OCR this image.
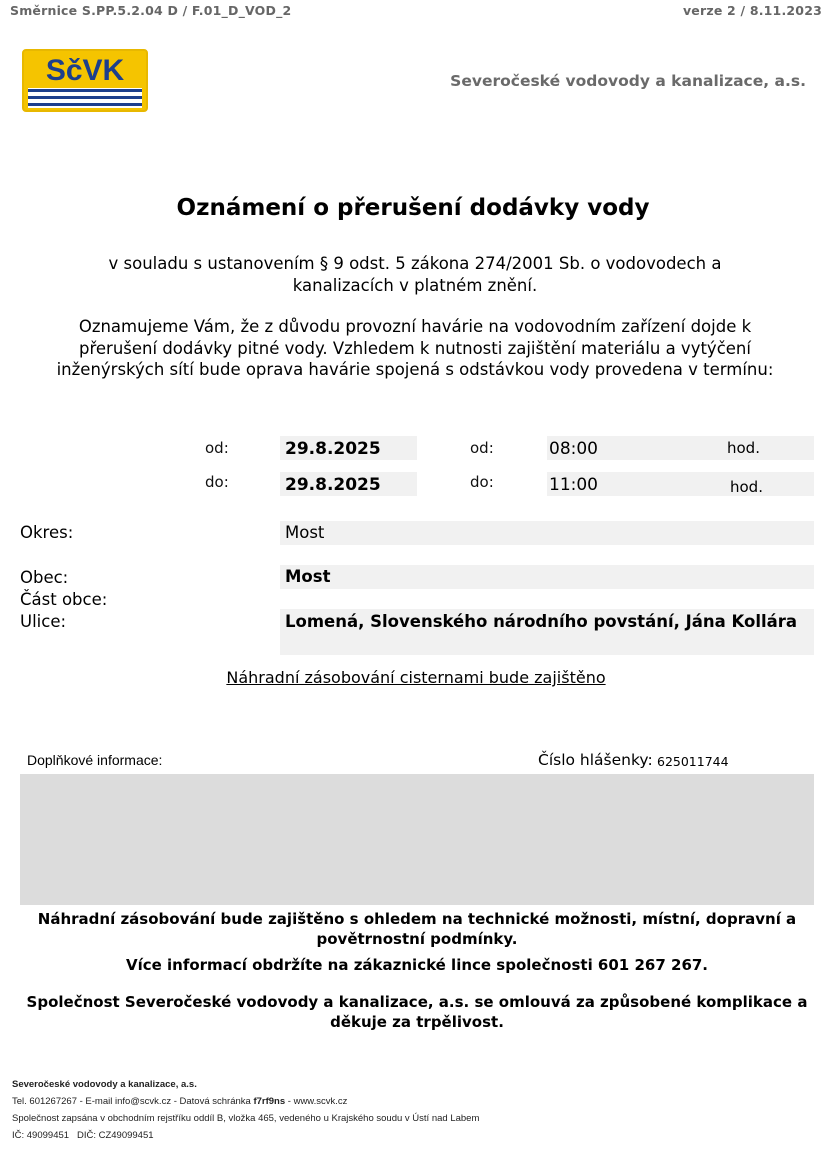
Směrnice S.PP.5.2.04 D / F.01_D_VOD_2	verze 2 / 8.11.2023
SčVK	Severočeské vodovody a kanalizace, a.s.
Oznámení o přerušení dodávky vody
v souladu s ustanovením § 9 odst. 5 zákona 274/2001 Sb. o vodovodech a kanalizacích v platném znění.
Oznamujeme Vám, že z důvodu provozní havárie na vodovodním zařízení dojde k přerušení dodávky pitné vody. Vzhledem k nutnosti zajištění materiálu a vytýčení inženýrských sítí bude oprava havárie spojená s odstávkou vody provedena v termínu:
od:	29.8.2025	od:	08:00	hod.
do:	29.8.2025	do:	11:00	hod.
Okres:	Most
Obec:	Most
Část obce:
Ulice:	Lomená, Slovenského národního povstání, Jána Kollára
Náhradní zásobování cisternami bude zajištěno
Doplňkové informace:	Číslo hlášenky: 625011744
Náhradní zásobování bude zajištěno s ohledem na technické možnosti, místní, dopravní a povětrnostní podmínky.
Více informací obdržíte na zákaznické lince společnosti 601 267 267.
Společnost Severočeské vodovody a kanalizace, a.s. se omlouvá za způsobené komplikace a děkuje za trpělivost.
Severočeské vodovody a kanalizace, a.s.
Tel. 601267267 - E-mail info@scvk.cz - Datová schránka f7rf9ns - www.scvk.cz
Společnost zapsána v obchodním rejstříku oddíl B, vložka 465, vedeného u Krajského soudu v Ústí nad Labem
IČ: 49099451   DIČ: CZ49099451
